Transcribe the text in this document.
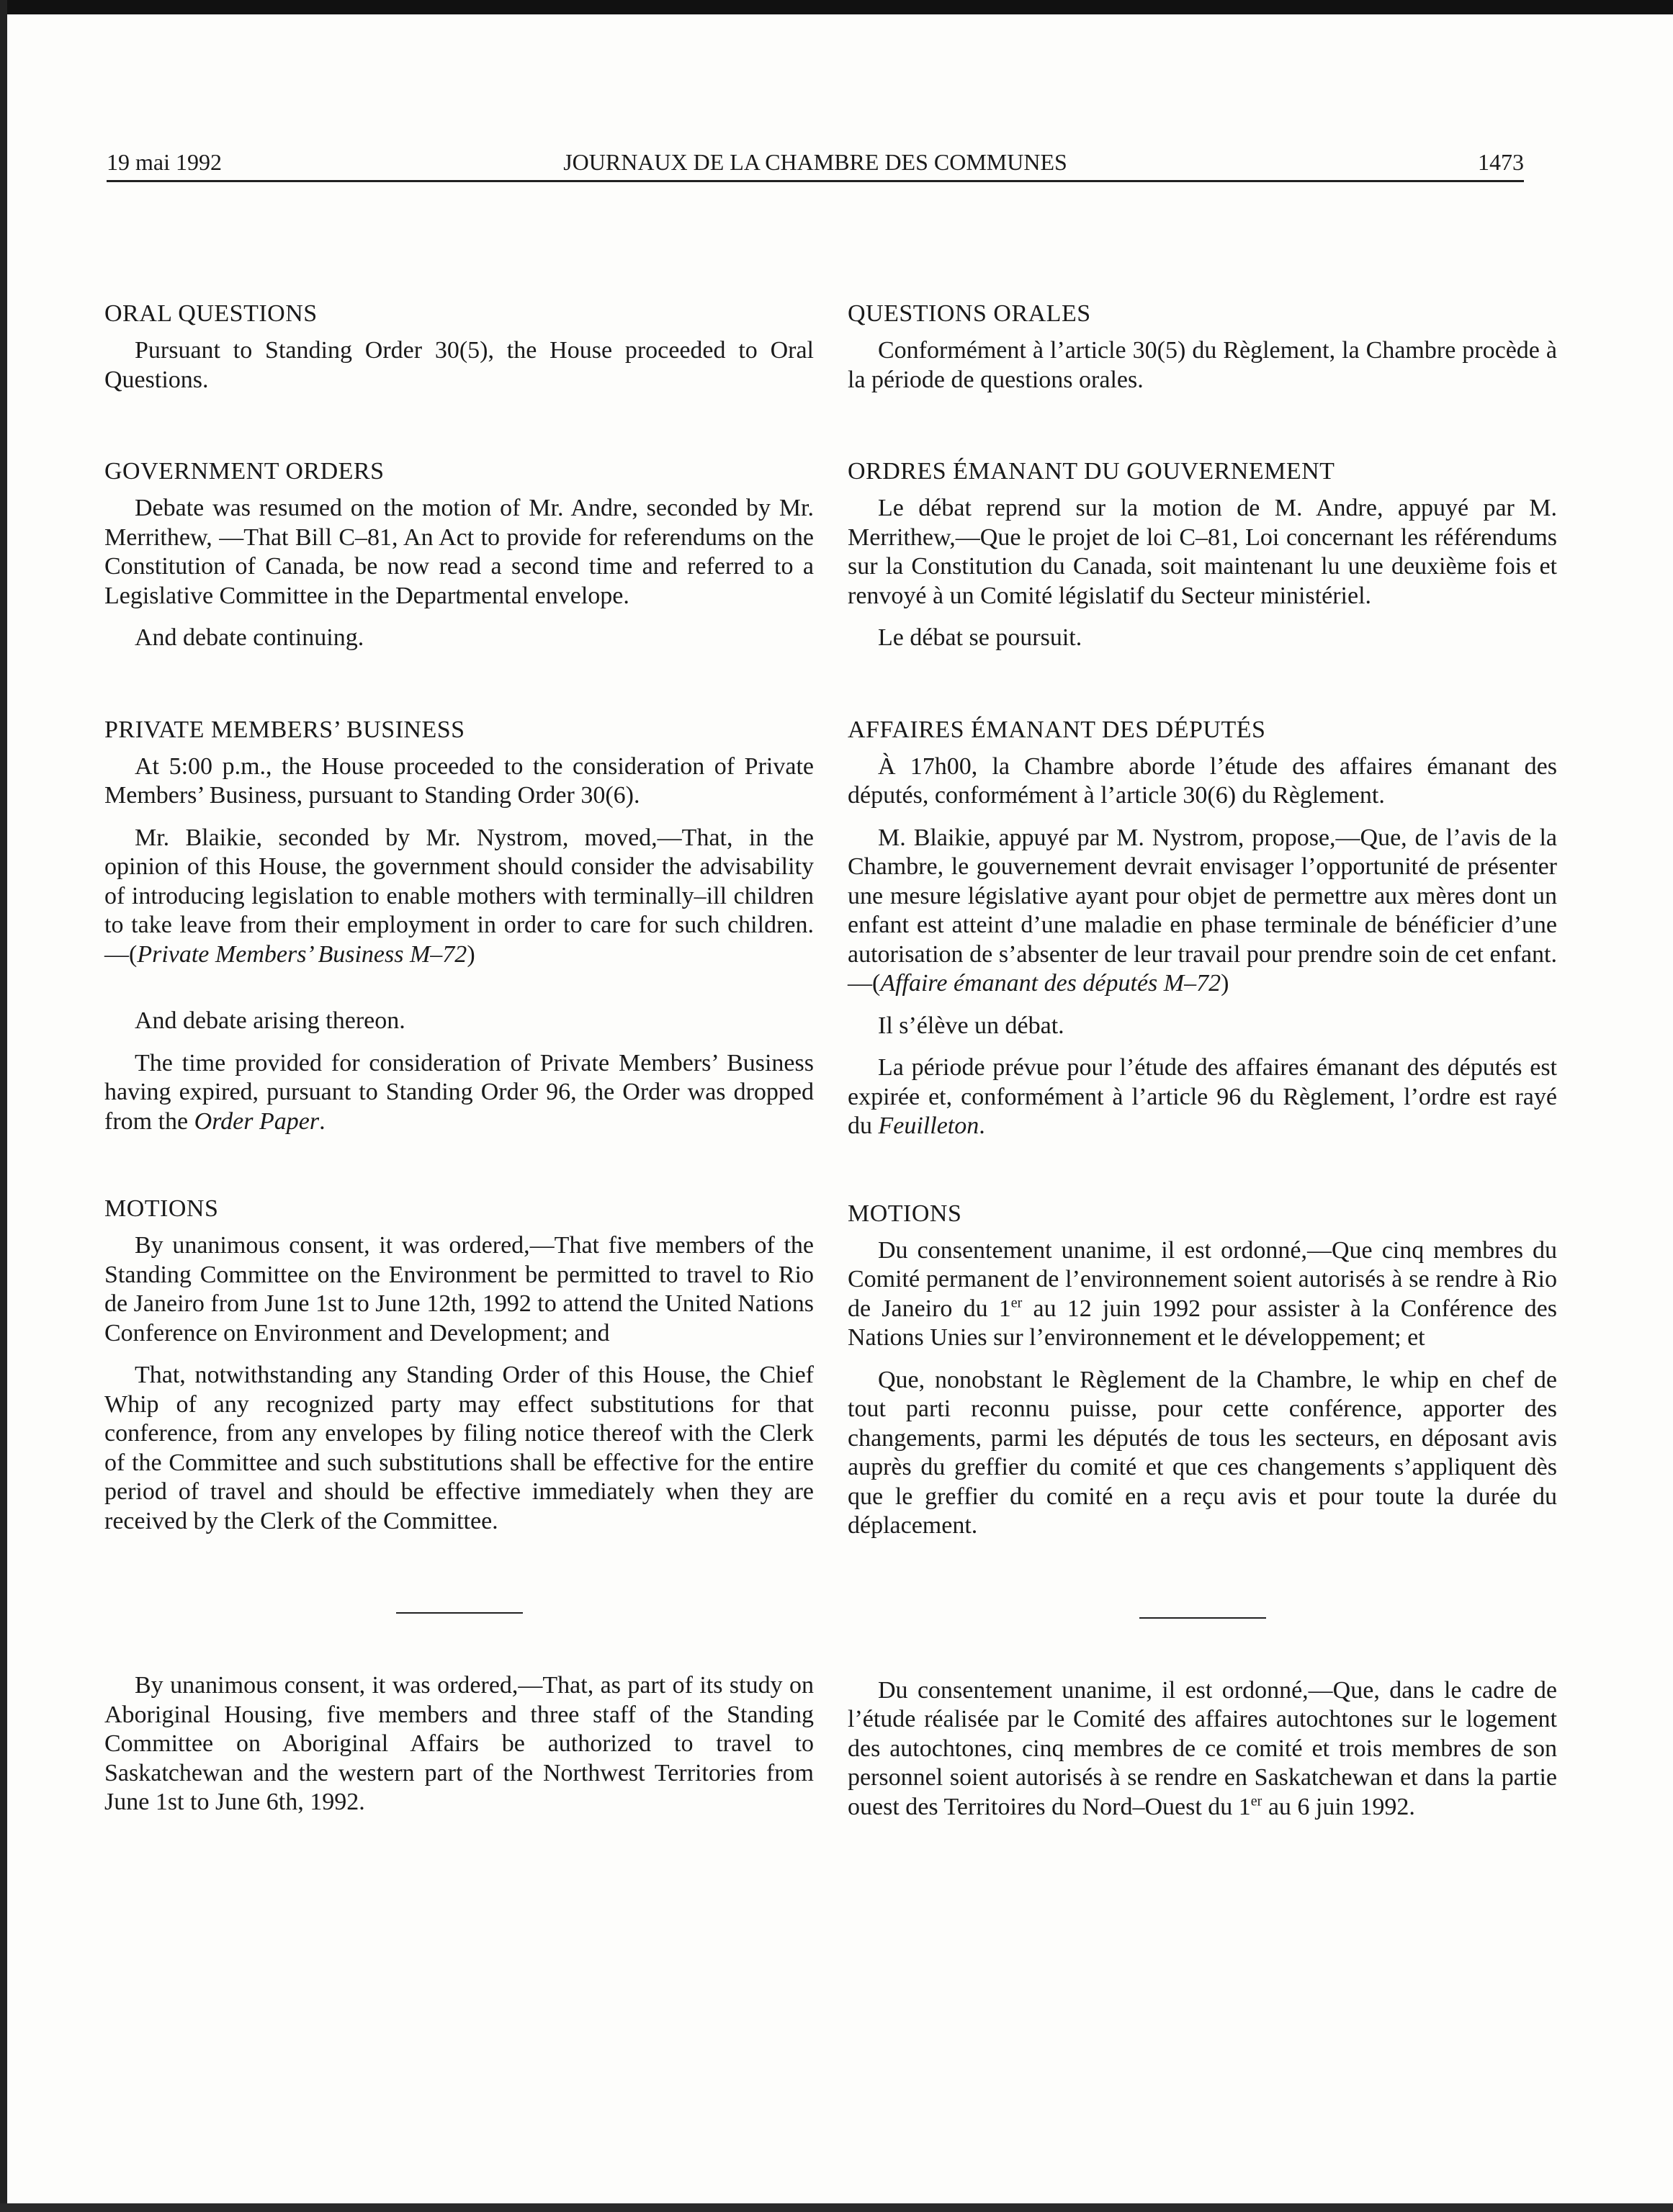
19 mai 1992	JOURNAUX DE LA CHAMBRE DES COMMUNES	1473
ORAL QUESTIONS

Pursuant to Standing Order 30(5), the House proceeded to Oral Questions.

GOVERNMENT ORDERS

Debate was resumed on the motion of Mr. Andre, seconded by Mr. Merrithew, —That Bill C–81, An Act to provide for referendums on the Constitution of Canada, be now read a second time and referred to a Legislative Committee in the Departmental envelope.

And debate continuing.

PRIVATE MEMBERS’ BUSINESS

At 5:00 p.m., the House proceeded to the consideration of Private Members’ Business, pursuant to Standing Order 30(6).

Mr. Blaikie, seconded by Mr. Nystrom, moved,—That, in the opinion of this House, the government should consider the advisability of introducing legislation to enable mothers with terminally–ill children to take leave from their employment in order to care for such children.—(Private Members’ Business M–72)

And debate arising thereon.

The time provided for consideration of Private Members’ Business having expired, pursuant to Standing Order 96, the Order was dropped from the Order Paper.

MOTIONS

By unanimous consent, it was ordered,—That five members of the Standing Committee on the Environment be permitted to travel to Rio de Janeiro from June 1st to June 12th, 1992 to attend the United Nations Conference on Environment and Development; and

That, notwithstanding any Standing Order of this House, the Chief Whip of any recognized party may effect substitutions for that conference, from any envelopes by filing notice thereof with the Clerk of the Committee and such substitutions shall be effective for the entire period of travel and should be effective immediately when they are received by the Clerk of the Committee.

By unanimous consent, it was ordered,—That, as part of its study on Aboriginal Housing, five members and three staff of the Standing Committee on Aboriginal Affairs be authorized to travel to Saskatchewan and the western part of the Northwest Territories from June 1st to June 6th, 1992.

QUESTIONS ORALES

Conformément à l’article 30(5) du Règlement, la Chambre procède à la période de questions orales.

ORDRES ÉMANANT DU GOUVERNEMENT

Le débat reprend sur la motion de M. Andre, appuyé par M. Merrithew,—Que le projet de loi C–81, Loi concernant les référendums sur la Constitution du Canada, soit maintenant lu une deuxième fois et renvoyé à un Comité législatif du Secteur ministériel.

Le débat se poursuit.

AFFAIRES ÉMANANT DES DÉPUTÉS

À 17h00, la Chambre aborde l’étude des affaires émanant des députés, conformément à l’article 30(6) du Règlement.

M. Blaikie, appuyé par M. Nystrom, propose,—Que, de l’avis de la Chambre, le gouvernement devrait envisager l’opportunité de présenter une mesure législative ayant pour objet de permettre aux mères dont un enfant est atteint d’une maladie en phase terminale de bénéficier d’une autorisation de s’absenter de leur travail pour prendre soin de cet enfant.—(Affaire émanant des députés M–72)

Il s’élève un débat.

La période prévue pour l’étude des affaires émanant des députés est expirée et, conformément à l’article 96 du Règlement, l’ordre est rayé du Feuilleton.

MOTIONS

Du consentement unanime, il est ordonné,—Que cinq membres du Comité permanent de l’environnement soient autorisés à se rendre à Rio de Janeiro du 1er au 12 juin 1992 pour assister à la Conférence des Nations Unies sur l’environnement et le développement; et

Que, nonobstant le Règlement de la Chambre, le whip en chef de tout parti reconnu puisse, pour cette conférence, apporter des changements, parmi les députés de tous les secteurs, en déposant avis auprès du greffier du comité et que ces changements s’appliquent dès que le greffier du comité en a reçu avis et pour toute la durée du déplacement.

Du consentement unanime, il est ordonné,—Que, dans le cadre de l’étude réalisée par le Comité des affaires autochtones sur le logement des autochtones, cinq membres de ce comité et trois membres de son personnel soient autorisés à se rendre en Saskatchewan et dans la partie ouest des Territoires du Nord–Ouest du 1er au 6 juin 1992.
